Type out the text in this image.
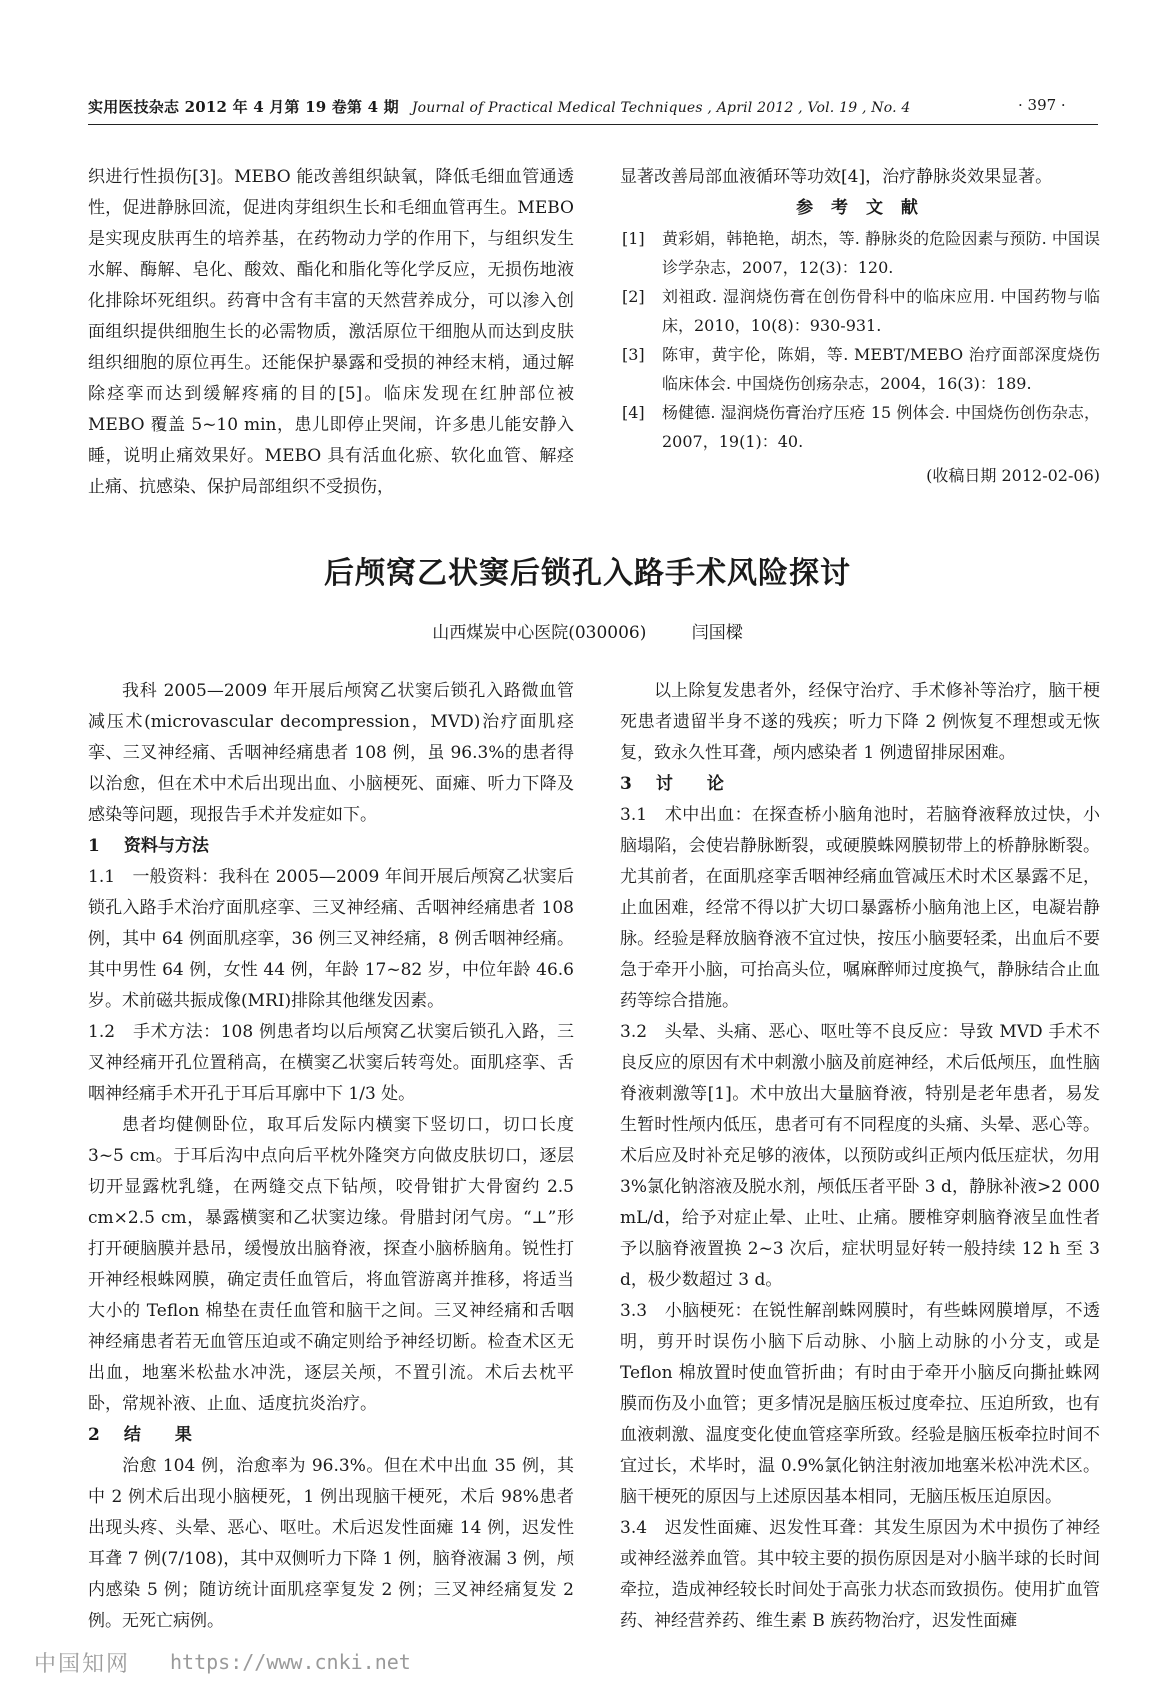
实用医技杂志 2012 年 4 月第 19 卷第 4 期 Journal of Practical Medical Techniques , April 2012 , Vol. 19 , No. 4	· 397 ·

织进行性损伤[3]。MEBO 能改善组织缺氧，降低毛细血管通透性，促进静脉回流，促进肉芽组织生长和毛细血管再生。MEBO 是实现皮肤再生的培养基，在药物动力学的作用下，与组织发生水解、酶解、皂化、酸效、酯化和脂化等化学反应，无损伤地液化排除坏死组织。药膏中含有丰富的天然营养成分，可以渗入创面组织提供细胞生长的必需物质，激活原位干细胞从而达到皮肤组织细胞的原位再生。还能保护暴露和受损的神经末梢，通过解除痉挛而达到缓解疼痛的目的[5]。临床发现在红肿部位被 MEBO 覆盖 5~10 min，患儿即停止哭闹，许多患儿能安静入睡，说明止痛效果好。MEBO 具有活血化瘀、软化血管、解痉止痛、抗感染、保护局部组织不受损伤，

显著改善局部血液循环等功效[4]，治疗静脉炎效果显著。

参 考 文 献

[1] 黄彩娟，韩艳艳，胡杰，等. 静脉炎的危险因素与预防. 中国误诊学杂志，2007，12(3)：120.
[2] 刘祖政. 湿润烧伤膏在创伤骨科中的临床应用. 中国药物与临床，2010，10(8)：930-931.
[3] 陈审，黄宇伦，陈娟，等. MEBT/MEBO 治疗面部深度烧伤临床体会. 中国烧伤创疡杂志，2004，16(3)：189.
[4] 杨健德. 湿润烧伤膏治疗压疮 15 例体会. 中国烧伤创伤杂志，2007，19(1)：40.
(收稿日期 2012-02-06)
后颅窝乙状窦后锁孔入路手术风险探讨
山西煤炭中心医院(030006)	闫国樑

我科 2005—2009 年开展后颅窝乙状窦后锁孔入路微血管减压术(microvascular decompression，MVD)治疗面肌痉挛、三叉神经痛、舌咽神经痛患者 108 例，虽 96.3%的患者得以治愈，但在术中术后出现出血、小脑梗死、面瘫、听力下降及感染等问题，现报告手术并发症如下。

1 资料与方法

1.1　一般资料：我科在 2005—2009 年间开展后颅窝乙状窦后锁孔入路手术治疗面肌痉挛、三叉神经痛、舌咽神经痛患者 108 例，其中 64 例面肌痉挛，36 例三叉神经痛，8 例舌咽神经痛。其中男性 64 例，女性 44 例，年龄 17~82 岁，中位年龄 46.6 岁。术前磁共振成像(MRI)排除其他继发因素。

1.2　手术方法：108 例患者均以后颅窝乙状窦后锁孔入路，三叉神经痛开孔位置稍高，在横窦乙状窦后转弯处。面肌痉挛、舌咽神经痛手术开孔于耳后耳廓中下 1/3 处。

患者均健侧卧位，取耳后发际内横窦下竖切口，切口长度 3~5 cm。于耳后沟中点向后平枕外隆突方向做皮肤切口，逐层切开显露枕乳缝，在两缝交点下钻颅，咬骨钳扩大骨窗约 2.5 cm×2.5 cm，暴露横窦和乙状窦边缘。骨腊封闭气房。“⊥”形打开硬脑膜并悬吊，缓慢放出脑脊液，探查小脑桥脑角。锐性打开神经根蛛网膜，确定责任血管后，将血管游离并推移，将适当大小的 Teflon 棉垫在责任血管和脑干之间。三叉神经痛和舌咽神经痛患者若无血管压迫或不确定则给予神经切断。检查术区无出血，地塞米松盐水冲洗，逐层关颅，不置引流。术后去枕平卧，常规补液、止血、适度抗炎治疗。

2 结　　果

治愈 104 例，治愈率为 96.3%。但在术中出血 35 例，其中 2 例术后出现小脑梗死，1 例出现脑干梗死，术后 98%患者出现头疼、头晕、恶心、呕吐。术后迟发性面瘫 14 例，迟发性耳聋 7 例(7/108)，其中双侧听力下降 1 例，脑脊液漏 3 例，颅内感染 5 例；随访统计面肌痉挛复发 2 例；三叉神经痛复发 2 例。无死亡病例。

以上除复发患者外，经保守治疗、手术修补等治疗，脑干梗死患者遗留半身不遂的残疾；听力下降 2 例恢复不理想或无恢复，致永久性耳聋，颅内感染者 1 例遗留排尿困难。

3 讨　　论

3.1　术中出血：在探查桥小脑角池时，若脑脊液释放过快，小脑塌陷，会使岩静脉断裂，或硬膜蛛网膜韧带上的桥静脉断裂。尤其前者，在面肌痉挛舌咽神经痛血管减压术时术区暴露不足，止血困难，经常不得以扩大切口暴露桥小脑角池上区，电凝岩静脉。经验是释放脑脊液不宜过快，按压小脑要轻柔，出血后不要急于牵开小脑，可抬高头位，嘱麻醉师过度换气，静脉结合止血药等综合措施。

3.2　头晕、头痛、恶心、呕吐等不良反应：导致 MVD 手术不良反应的原因有术中刺激小脑及前庭神经，术后低颅压，血性脑脊液刺激等[1]。术中放出大量脑脊液，特别是老年患者，易发生暂时性颅内低压，患者可有不同程度的头痛、头晕、恶心等。术后应及时补充足够的液体，以预防或纠正颅内低压症状，勿用 3%氯化钠溶液及脱水剂，颅低压者平卧 3 d，静脉补液>2 000 mL/d，给予对症止晕、止吐、止痛。腰椎穿刺脑脊液呈血性者予以脑脊液置换 2~3 次后，症状明显好转一般持续 12 h 至 3 d，极少数超过 3 d。

3.3　小脑梗死：在锐性解剖蛛网膜时，有些蛛网膜增厚，不透明，剪开时误伤小脑下后动脉、小脑上动脉的小分支，或是 Teflon 棉放置时使血管折曲；有时由于牵开小脑反向撕扯蛛网膜而伤及小血管；更多情况是脑压板过度牵拉、压迫所致，也有血液刺激、温度变化使血管痉挛所致。经验是脑压板牵拉时间不宜过长，术毕时，温 0.9%氯化钠注射液加地塞米松冲洗术区。脑干梗死的原因与上述原因基本相同，无脑压板压迫原因。

3.4　迟发性面瘫、迟发性耳聋：其发生原因为术中损伤了神经或神经滋养血管。其中较主要的损伤原因是对小脑半球的长时间牵拉，造成神经较长时间处于高张力状态而致损伤。使用扩血管药、神经营养药、维生素 B 族药物治疗，迟发性面瘫

中国知网 https://www.cnki.net
